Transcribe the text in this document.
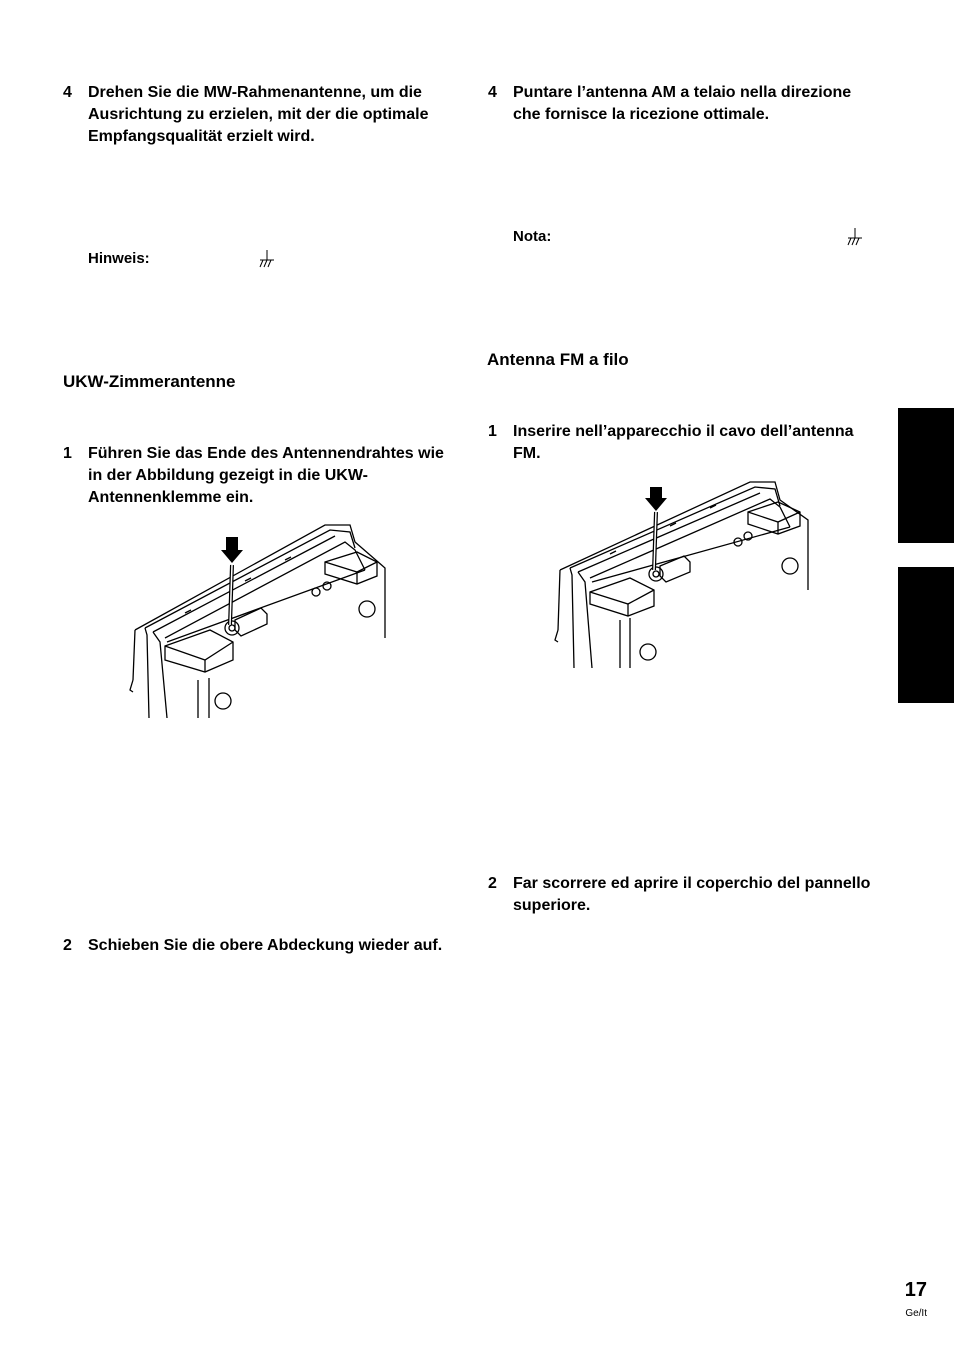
4	Drehen Sie die MW-Rahmenantenne, um die Ausrichtung zu erzielen, mit der die optimale Empfangsqualität erzielt wird.
Hinweis:
UKW-Zimmerantenne
1	Führen Sie das Ende des Antennendrahtes wie in der Abbildung gezeigt in die UKW-Antennenklemme ein.
2	Schieben Sie die obere Abdeckung wieder auf.
4	Puntare l’antenna AM a telaio nella direzione che fornisce la ricezione ottimale.
Nota:
Antenna FM a filo
1	Inserire nell’apparecchio il cavo dell’antenna FM.
2	Far scorrere ed aprire il coperchio del pannello superiore.
17
Ge/It
